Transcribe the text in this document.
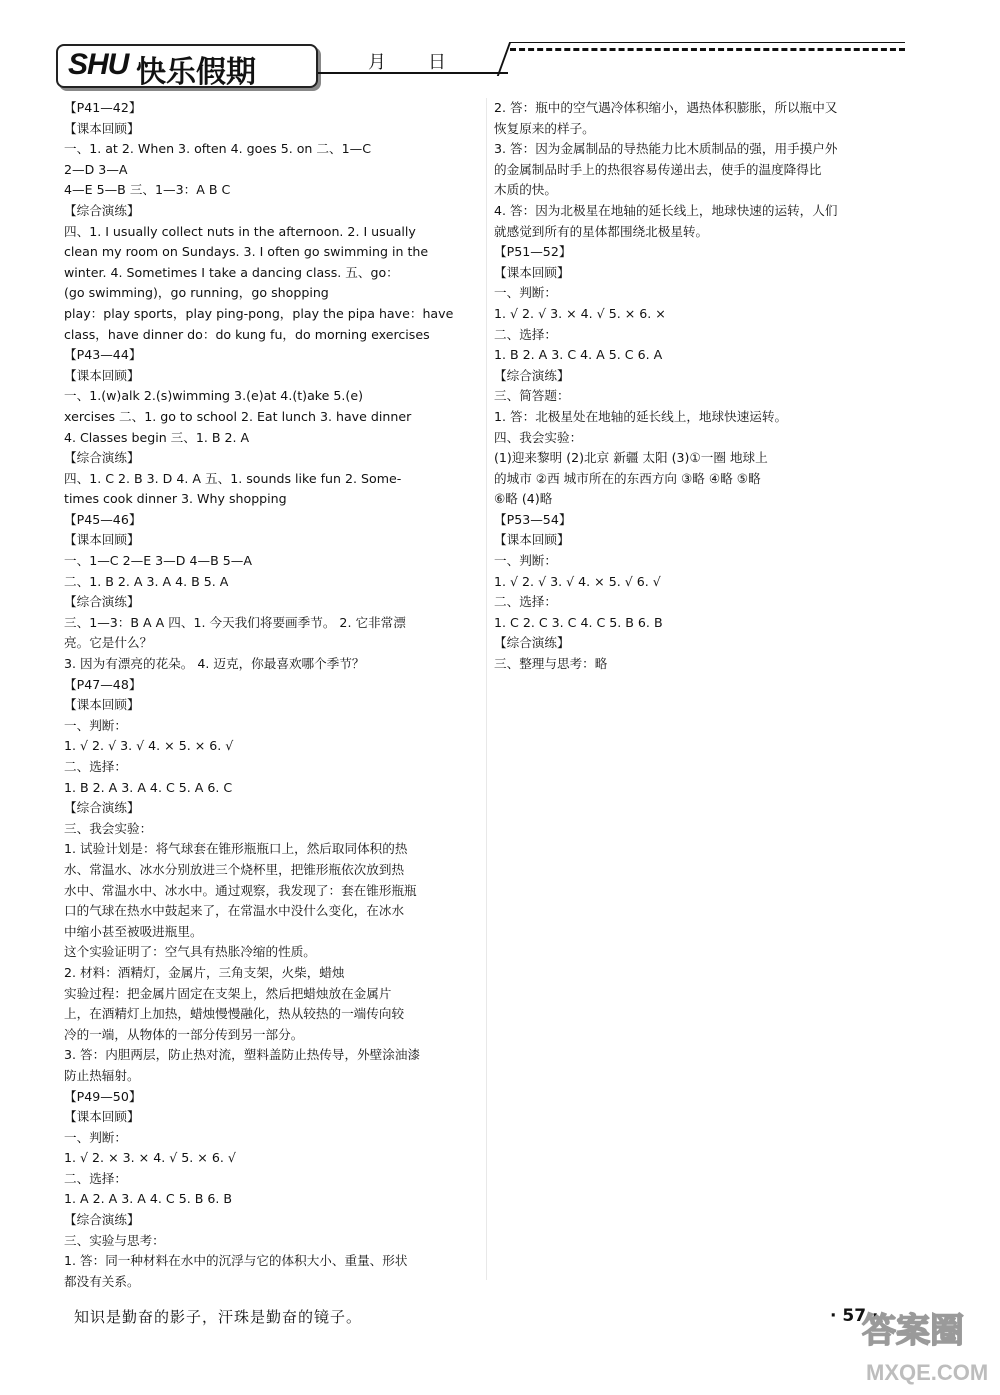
SHU 快乐假期	月 日
【P41—42】
【课本回顾】
一、1. at 2. When 3. often 4. goes 5. on 二、1—C
2—D 3—A
4—E 5—B 三、1—3：A B C
【综合演练】
四、1. I usually collect nuts in the afternoon. 2. I usually
clean my room on Sundays. 3. I often go swimming in the
winter. 4. Sometimes I take a dancing class. 五、go：
(go swimming)，go running，go shopping
play：play sports，play ping-pong，play the pipa have：have
class，have dinner do：do kung fu，do morning exercises
【P43—44】
【课本回顾】
一、1.(w)alk 2.(s)wimming 3.(e)at 4.(t)ake 5.(e)
xercises 二、1. go to school 2. Eat lunch 3. have dinner
4. Classes begin 三、1. B 2. A
【综合演练】
四、1. C 2. B 3. D 4. A 五、1. sounds like fun 2. Some-
times cook dinner 3. Why shopping
【P45—46】
【课本回顾】
一、1—C 2—E 3—D 4—B 5—A
二、1. B 2. A 3. A 4. B 5. A
【综合演练】
三、1—3：B A A 四、1. 今天我们将要画季节。 2. 它非常漂
亮。它是什么？
3. 因为有漂亮的花朵。 4. 迈克，你最喜欢哪个季节？
【P47—48】
【课本回顾】
一、判断：
1. √ 2. √ 3. √ 4. × 5. × 6. √
二、选择：
1. B 2. A 3. A 4. C 5. A 6. C
【综合演练】
三、我会实验：
1. 试验计划是：将气球套在锥形瓶瓶口上，然后取同体积的热
水、常温水、冰水分别放进三个烧杯里，把锥形瓶依次放到热
水中、常温水中、冰水中。通过观察，我发现了：套在锥形瓶瓶
口的气球在热水中鼓起来了，在常温水中没什么变化，在冰水
中缩小甚至被吸进瓶里。
这个实验证明了：空气具有热胀冷缩的性质。
2. 材料：酒精灯，金属片，三角支架，火柴，蜡烛
实验过程：把金属片固定在支架上，然后把蜡烛放在金属片
上，在酒精灯上加热，蜡烛慢慢融化，热从较热的一端传向较
冷的一端，从物体的一部分传到另一部分。
3. 答：内胆两层，防止热对流，塑料盖防止热传导，外壁涂油漆
防止热辐射。
【P49—50】
【课本回顾】
一、判断：
1. √ 2. × 3. × 4. √ 5. × 6. √
二、选择：
1. A 2. A 3. A 4. C 5. B 6. B
【综合演练】
三、实验与思考：
1. 答：同一种材料在水中的沉浮与它的体积大小、重量、形状
都没有关系。
2. 答：瓶中的空气遇冷体积缩小，遇热体积膨胀，所以瓶中又
恢复原来的样子。
3. 答：因为金属制品的导热能力比木质制品的强，用手摸户外
的金属制品时手上的热很容易传递出去，使手的温度降得比
木质的快。
4. 答：因为北极星在地轴的延长线上，地球快速的运转，人们
就感觉到所有的星体都围绕北极星转。
【P51—52】
【课本回顾】
一、判断：
1. √ 2. √ 3. × 4. √ 5. × 6. ×
二、选择：
1. B 2. A 3. C 4. A 5. C 6. A
【综合演练】
三、简答题：
1. 答：北极星处在地轴的延长线上，地球快速运转。
四、我会实验：
(1)迎来黎明 (2)北京 新疆 太阳 (3)①一圈 地球上
的城市 ②西 城市所在的东西方向 ③略 ④略 ⑤略
⑥略 (4)略
【P53—54】
【课本回顾】
一、判断：
1. √ 2. √ 3. √ 4. × 5. √ 6. √
二、选择：
1. C 2. C 3. C 4. C 5. B 6. B
【综合演练】
三、整理与思考：略
知识是勤奋的影子，汗珠是勤奋的镜子。	· 57 ·
答案圈
MXQE.COM
